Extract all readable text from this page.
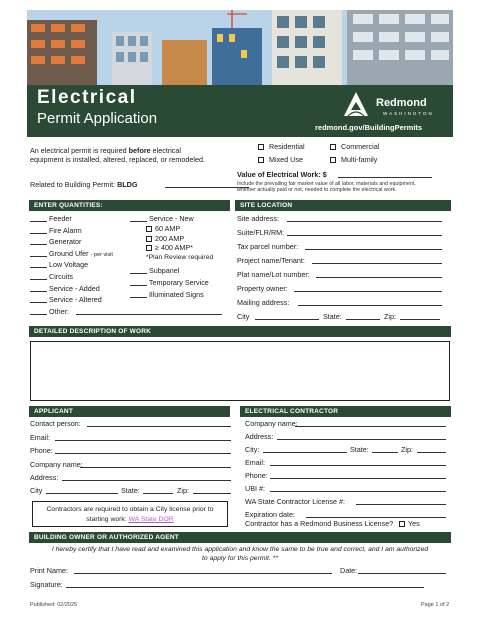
Electrical
Permit Application
Redmond
WASHINGTON
redmond.gov/BuildingPermits
An electrical permit is required before electrical
equipment is installed, altered, replaced, or remodeled.
Related to Building Permit: BLDG
Residential	Commercial
Mixed Use	Multi-family
Value of Electrical Work: $
Include the prevailing fair market value of all labor, materials and equipment,
whether actually paid or not, needed to complete the electrical work.
ENTER QUANTITIES:	SITE LOCATION
Feeder
Fire Alarm
Generator
Ground Ufer - per visit
Low Voltage
Circuits
Service - Added
Service - Altered
Other:
Service - New
60 AMP
200 AMP
≥ 400 AMP*
*Plan Review required
Subpanel
Temporary Service
Illuminated Signs
Site address:
Suite/FLR/RM:
Tax parcel number:
Project name/Tenant:
Plat name/Lot number:
Property owner:
Mailing address:
City	State:	Zip:
DETAILED DESCRIPTION OF WORK
APPLICANT	ELECTRICAL CONTRACTOR
Contact person:
Email:
Phone:
Company name:
Address:
City	State:	Zip:
Contractors are required to obtain a City license prior to
starting work: WA State DOR
Company name:
Address:
City:	State:	Zip:
Email:
Phone:
UBI #:
WA State Contractor License #:
Expiration date:
Contractor has a Redmond Business License?	Yes
BUILDING OWNER OR AUTHORIZED AGENT
I hereby certify that I have read and examined this application and know the same to be true and correct, and I am authorized
to apply for this permit. **
Print Name:	Date:
Signature:
Published: 02/2025	Page 1 of 2
